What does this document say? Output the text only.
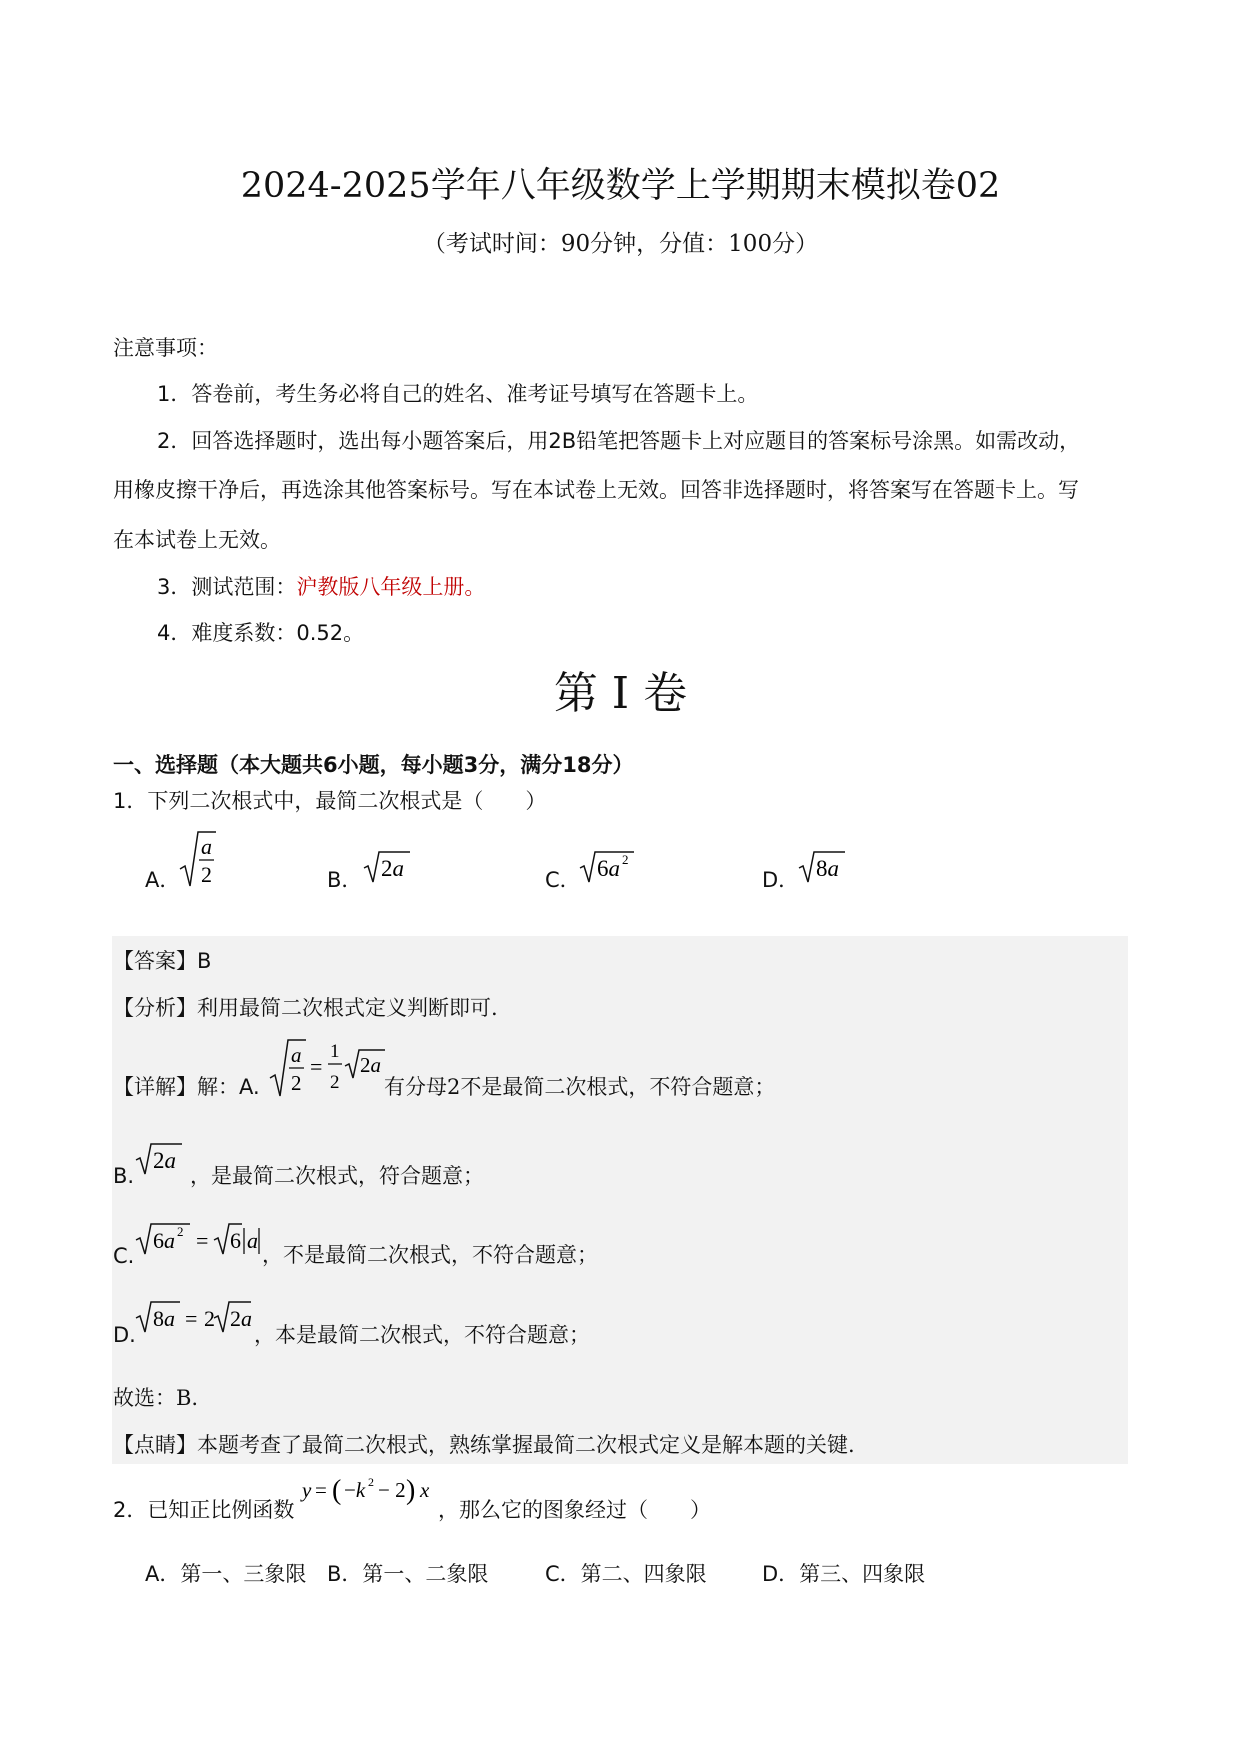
2024-2025学年八年级数学上学期期末模拟卷02
（考试时间：90分钟，分值：100分）
注意事项：
1．答卷前，考生务必将自己的姓名、准考证号填写在答题卡上。
2．回答选择题时，选出每小题答案后，用2B铅笔把答题卡上对应题目的答案标号涂黑。如需改动，
用橡皮擦干净后，再选涂其他答案标号。写在本试卷上无效。回答非选择题时，将答案写在答题卡上。写
在本试卷上无效。
3．测试范围：沪教版八年级上册。
4．难度系数：0.52。
第 I 卷
一、选择题（本大题共6小题，每小题3分，满分18分）
1．下列二次根式中，最简二次根式是（　　）
A．
a
2	B． 2a	C． 6a 2
D． 8a
【答案】B
【分析】利用最简二次根式定义判断即可.
【详解】解：A.
a
2
=
1
2
2a
有分母2不是最简二次根式，不符合题意；
B.
2a
，是最简二次根式，符合题意；
C.
6a 2 = 6 a
，不是最简二次根式，不符合题意；
D.
8a = 2 2a
，本是最简二次根式，不符合题意；
故选：B.
【点睛】本题考查了最简二次根式，熟练掌握最简二次根式定义是解本题的关键.
2．已知正比例函数
y = ( −k 2 − 2 ) x
，那么它的图象经过（　　）
A．第一、三象限 B．第一、二象限	C．第二、四象限	D．第三、四象限
